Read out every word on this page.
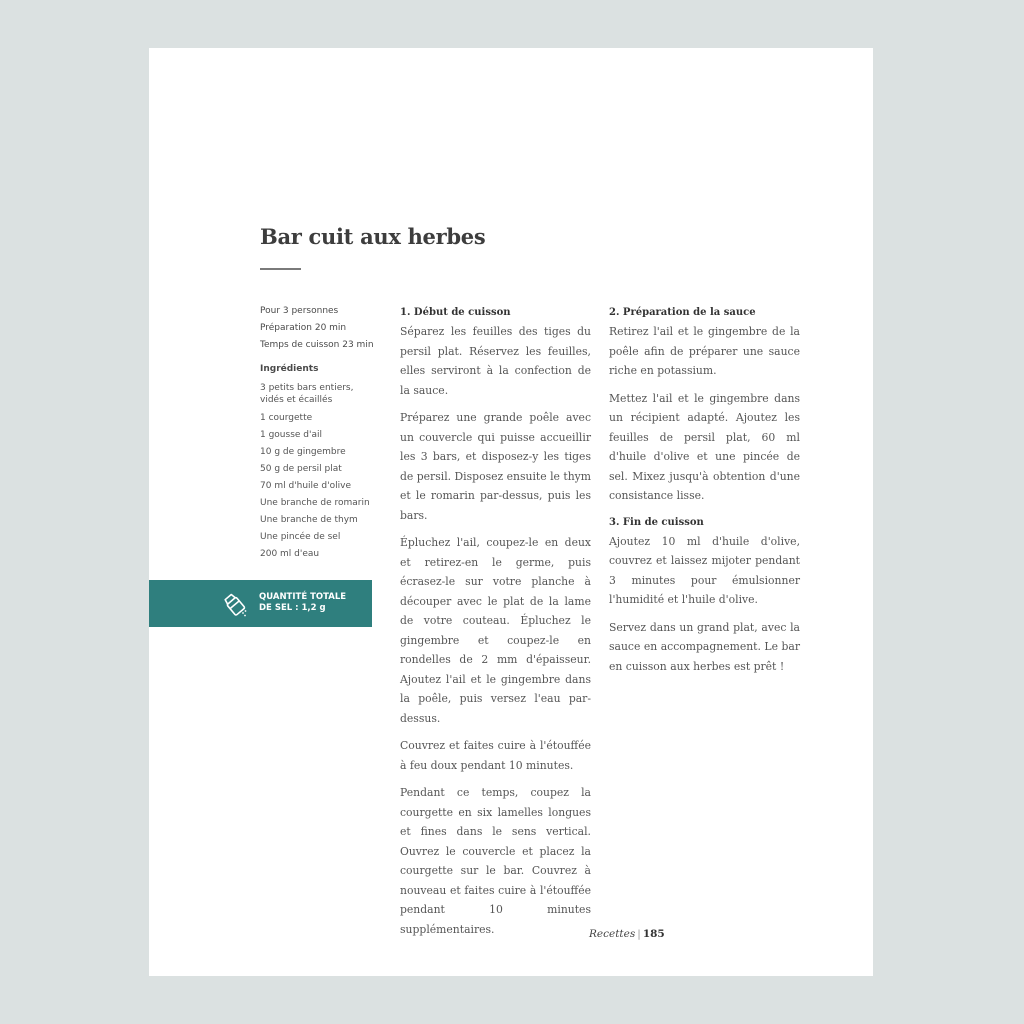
Bar cuit aux herbes
Pour 3 personnes
Préparation 20 min
Temps de cuisson 23 min
Ingrédients
3 petits bars entiers, vidés et écaillés
1 courgette
1 gousse d'ail
10 g de gingembre
50 g de persil plat
70 ml d'huile d'olive
Une branche de romarin
Une branche de thym
Une pincée de sel
200 ml d'eau
QUANTITÉ TOTALE
DE SEL : 1,2 g

1. Début de cuisson

Séparez les feuilles des tiges du persil plat. Réservez les feuilles, elles serviront à la confection de la sauce.

Préparez une grande poêle avec un couvercle qui puisse accueillir les 3 bars, et disposez-y les tiges de persil. Disposez ensuite le thym et le romarin par-dessus, puis les bars.

Épluchez l'ail, coupez-le en deux et retirez-en le germe, puis écrasez-le sur votre planche à découper avec le plat de la lame de votre couteau. Épluchez le gingembre et coupez-le en rondelles de 2 mm d'épaisseur. Ajoutez l'ail et le gingembre dans la poêle, puis versez l'eau par-dessus.

Couvrez et faites cuire à l'étouffée à feu doux pendant 10 minutes.

Pendant ce temps, coupez la courgette en six lamelles longues et fines dans le sens vertical. Ouvrez le couvercle et placez la courgette sur le bar. Couvrez à nouveau et faites cuire à l'étouffée pendant 10 minutes supplémentaires.

2. Préparation de la sauce

Retirez l'ail et le gingembre de la poêle afin de préparer une sauce riche en potassium.

Mettez l'ail et le gingembre dans un récipient adapté. Ajoutez les feuilles de persil plat, 60 ml d'huile d'olive et une pincée de sel. Mixez jusqu'à obtention d'une consistance lisse.

3. Fin de cuisson

Ajoutez 10 ml d'huile d'olive, couvrez et laissez mijoter pendant 3 minutes pour émulsionner l'humidité et l'huile d'olive.

Servez dans un grand plat, avec la sauce en accompagnement. Le bar en cuisson aux herbes est prêt !

Recettes | 185
